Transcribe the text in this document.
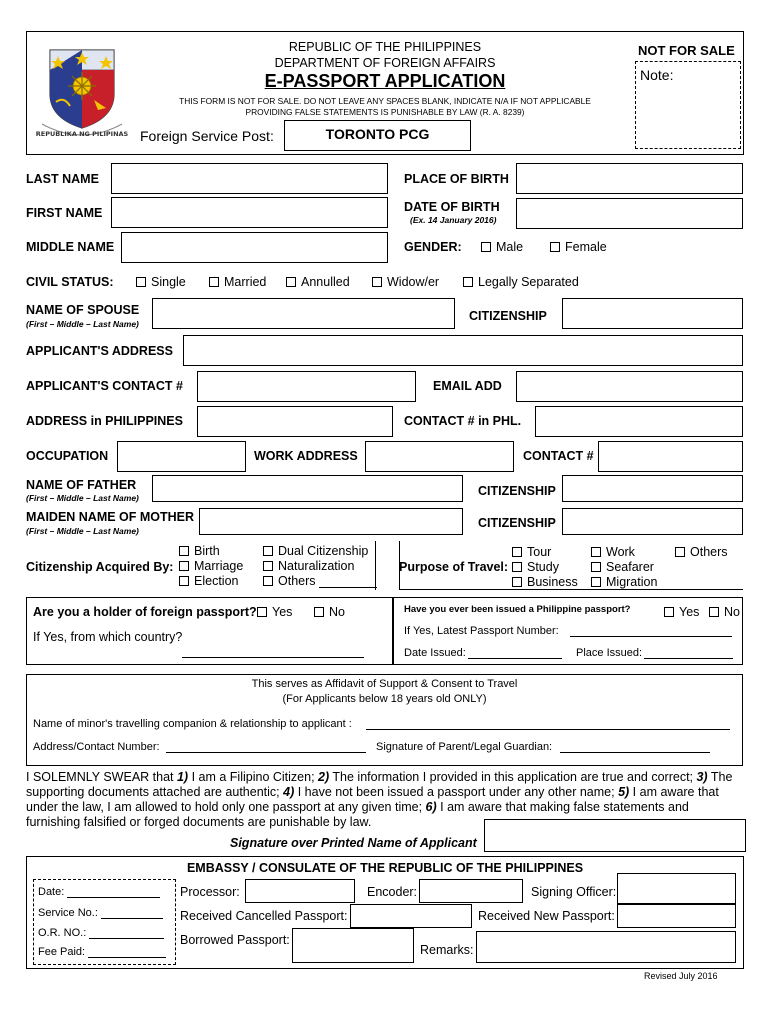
REPUBLIKA NG PILIPINAS
REPUBLIC OF THE PHILIPPINES
DEPARTMENT OF FOREIGN AFFAIRS
E-PASSPORT APPLICATION
THIS FORM IS NOT FOR SALE. DO NOT LEAVE ANY SPACES BLANK, INDICATE N/A IF NOT APPLICABLE
PROVIDING FALSE STATEMENTS IS PUNISHABLE BY LAW (R. A. 8239)
NOT FOR SALE
Note:
Foreign Service Post:	TORONTO PCG
LAST NAME	PLACE OF BIRTH
FIRST NAME	DATE OF BIRTH
(Ex. 14 January 2016)
MIDDLE NAME	GENDER:	Male	Female
CIVIL STATUS:	Single	Married	Annulled	Widow/er	Legally Separated
NAME OF SPOUSE
(First – Middle – Last Name)
CITIZENSHIP
APPLICANT'S ADDRESS
APPLICANT'S CONTACT #	EMAIL ADD
ADDRESS in PHILIPPINES	CONTACT # in PHL.
OCCUPATION	WORK ADDRESS	CONTACT #
NAME OF FATHER
(First – Middle – Last Name)	CITIZENSHIP
MAIDEN NAME OF MOTHER
(First – Middle – Last Name)
CITIZENSHIP
Citizenship Acquired By:
Birth
Marriage
Election
Dual Citizenship
Naturalization
Others
Purpose of Travel:
Tour
Study
Business
Work
Seafarer
Migration
Others
Are you a holder of foreign passport?	Yes	No
If Yes, from which country?
Have you ever been issued a Philippine passport?	Yes	No
If Yes, Latest Passport Number:
Date Issued:	Place Issued:
This serves as Affidavit of Support & Consent to Travel
(For Applicants below 18 years old ONLY)
Name of minor's travelling companion & relationship to applicant :
Address/Contact Number:	Signature of Parent/Legal Guardian:
I SOLEMNLY SWEAR that 1) I am a Filipino Citizen; 2) The information I provided in this application are true and correct; 3) The supporting documents attached are authentic; 4) I have not been issued a passport under any other name; 5) I am aware that under the law, I am allowed to hold only one passport at any given time; 6) I am aware that making false statements and furnishing falsified or forged documents are punishable by law.
Signature over Printed Name of Applicant
EMBASSY / CONSULATE OF THE REPUBLIC OF THE PHILIPPINES
Date:
Service No.:
O.R. NO.:
Fee Paid:
Processor:	Encoder:	Signing Officer:
Received Cancelled Passport:	Received New Passport:
Borrowed Passport:
Remarks:
Revised July 2016
